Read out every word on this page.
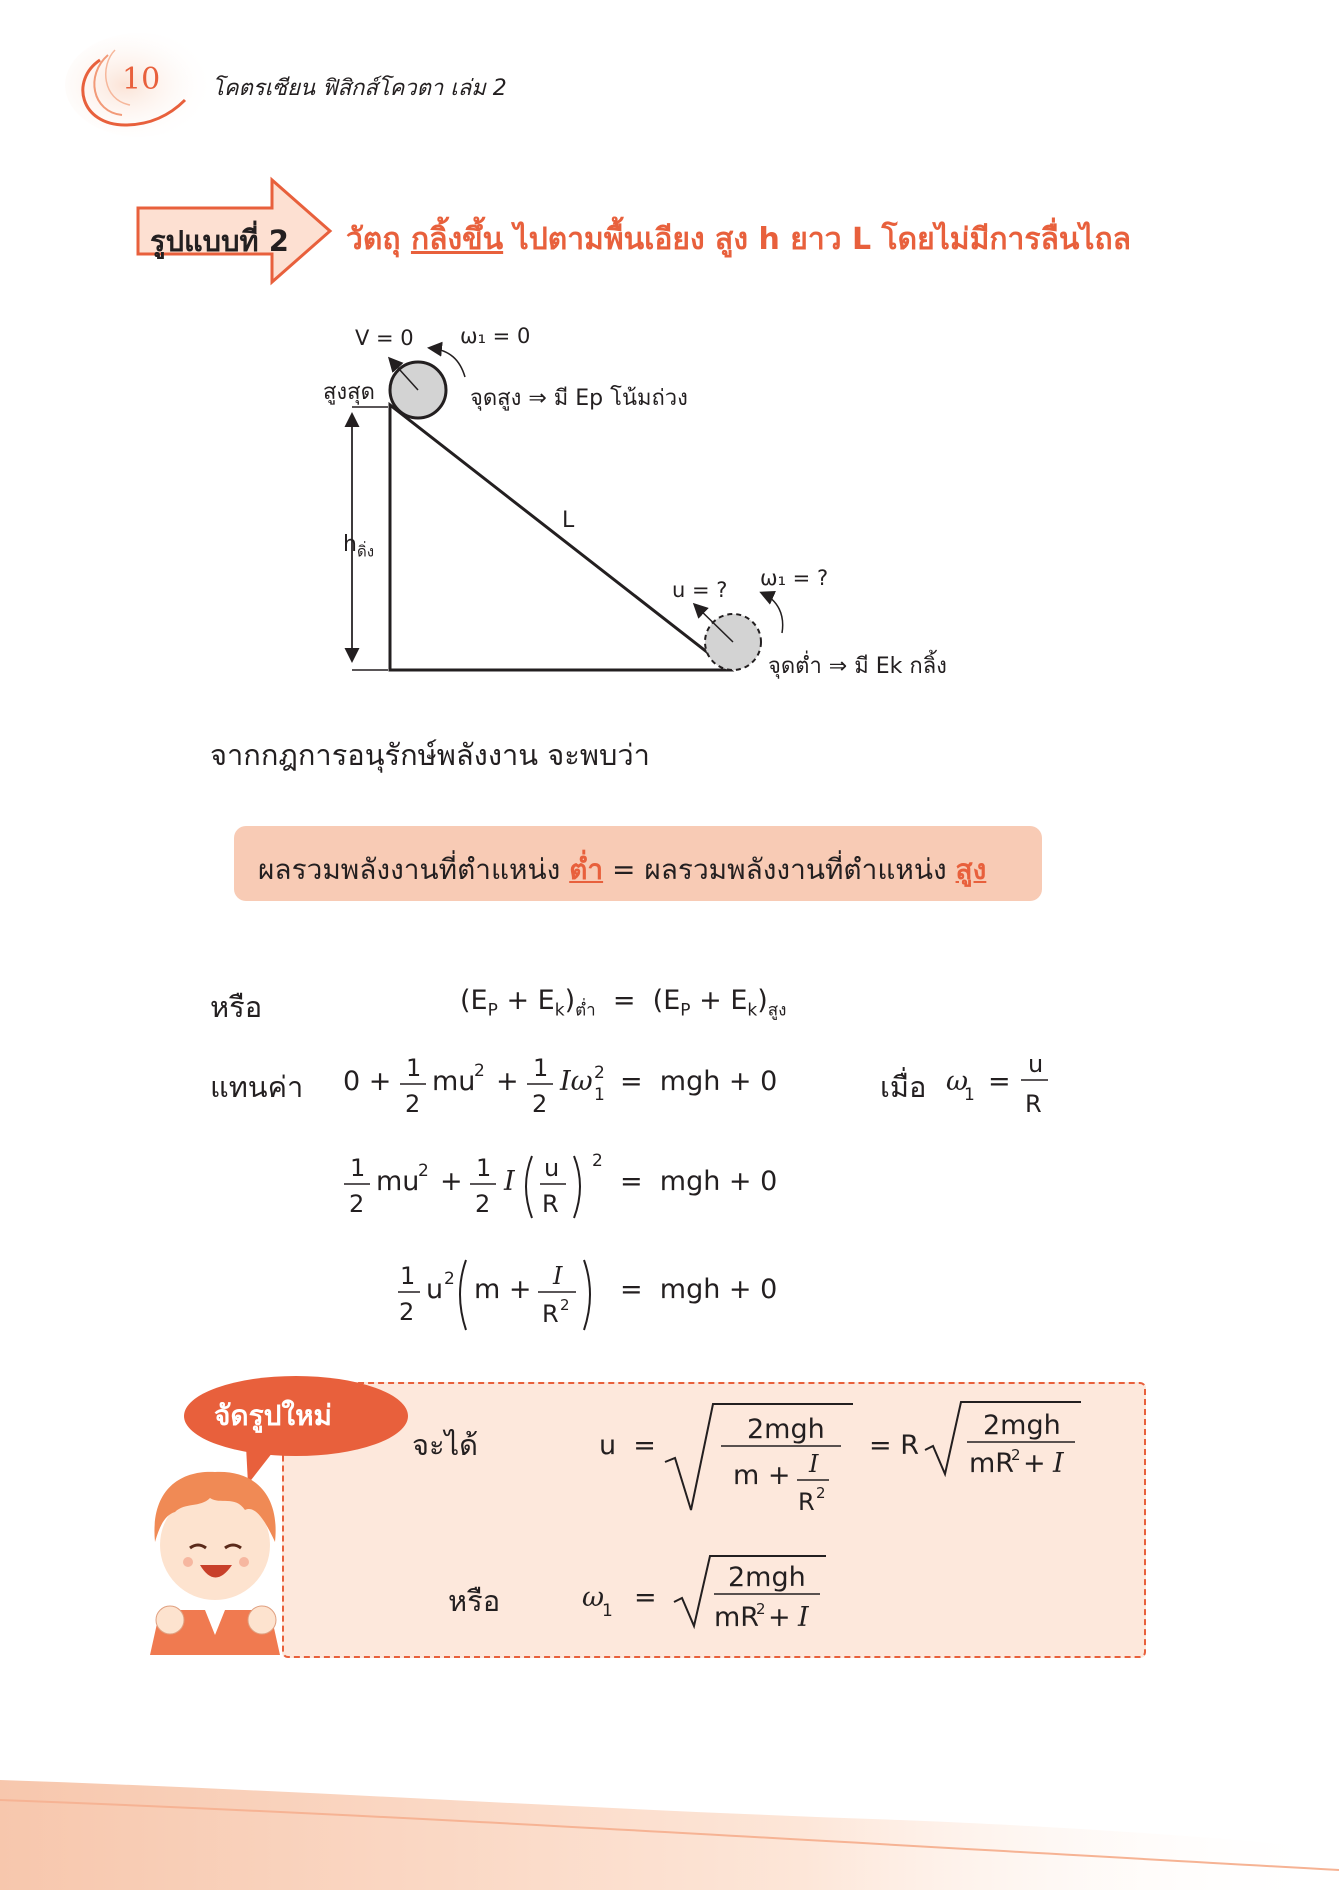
10 โคตรเซียน ฟิสิกส์โควตา เล่ม 2
รูปแบบที่ 2 วัตถุ กลิ้งขึ้น ไปตามพื้นเอียง สูง h ยาว L โดยไม่มีการลื่นไถล
V = 0 ω₁ = 0
สูงสุด	จุดสูง ⇒ มี Ep โน้มถ่วง
L
$h_{ดิ่ง}$
u = ? ω₁ = ?
จุดต่ำ ⇒ มี Ek กลิ้ง
จากกฎการอนุรักษ์พลังงาน จะพบว่า
ผลรวมพลังงานที่ตำแหน่ง ต่ำ = ผลรวมพลังงานที่ตำแหน่ง สูง
หรือ
แทนค่า	เมื่อ
$(E_P + E_k)_{ต่ำ} = (E_P + E_k)_{สูง}$
0 + 1
2
mu
2 + 1
2
Iω 2
1 =  mgh + 0	ω
1 =
u
R
1
2
mu
2 + 1
2
I u
R
2
=  mgh + 0
1
2
u 2 m + I
R 2 =  mgh + 0
จัดรูปใหม่
จะได้
หรือ
u  =
2mgh
m + I
R 2
= R
2mgh
mR
2 + I
ω
1 =
2mgh
mR
2 + I
